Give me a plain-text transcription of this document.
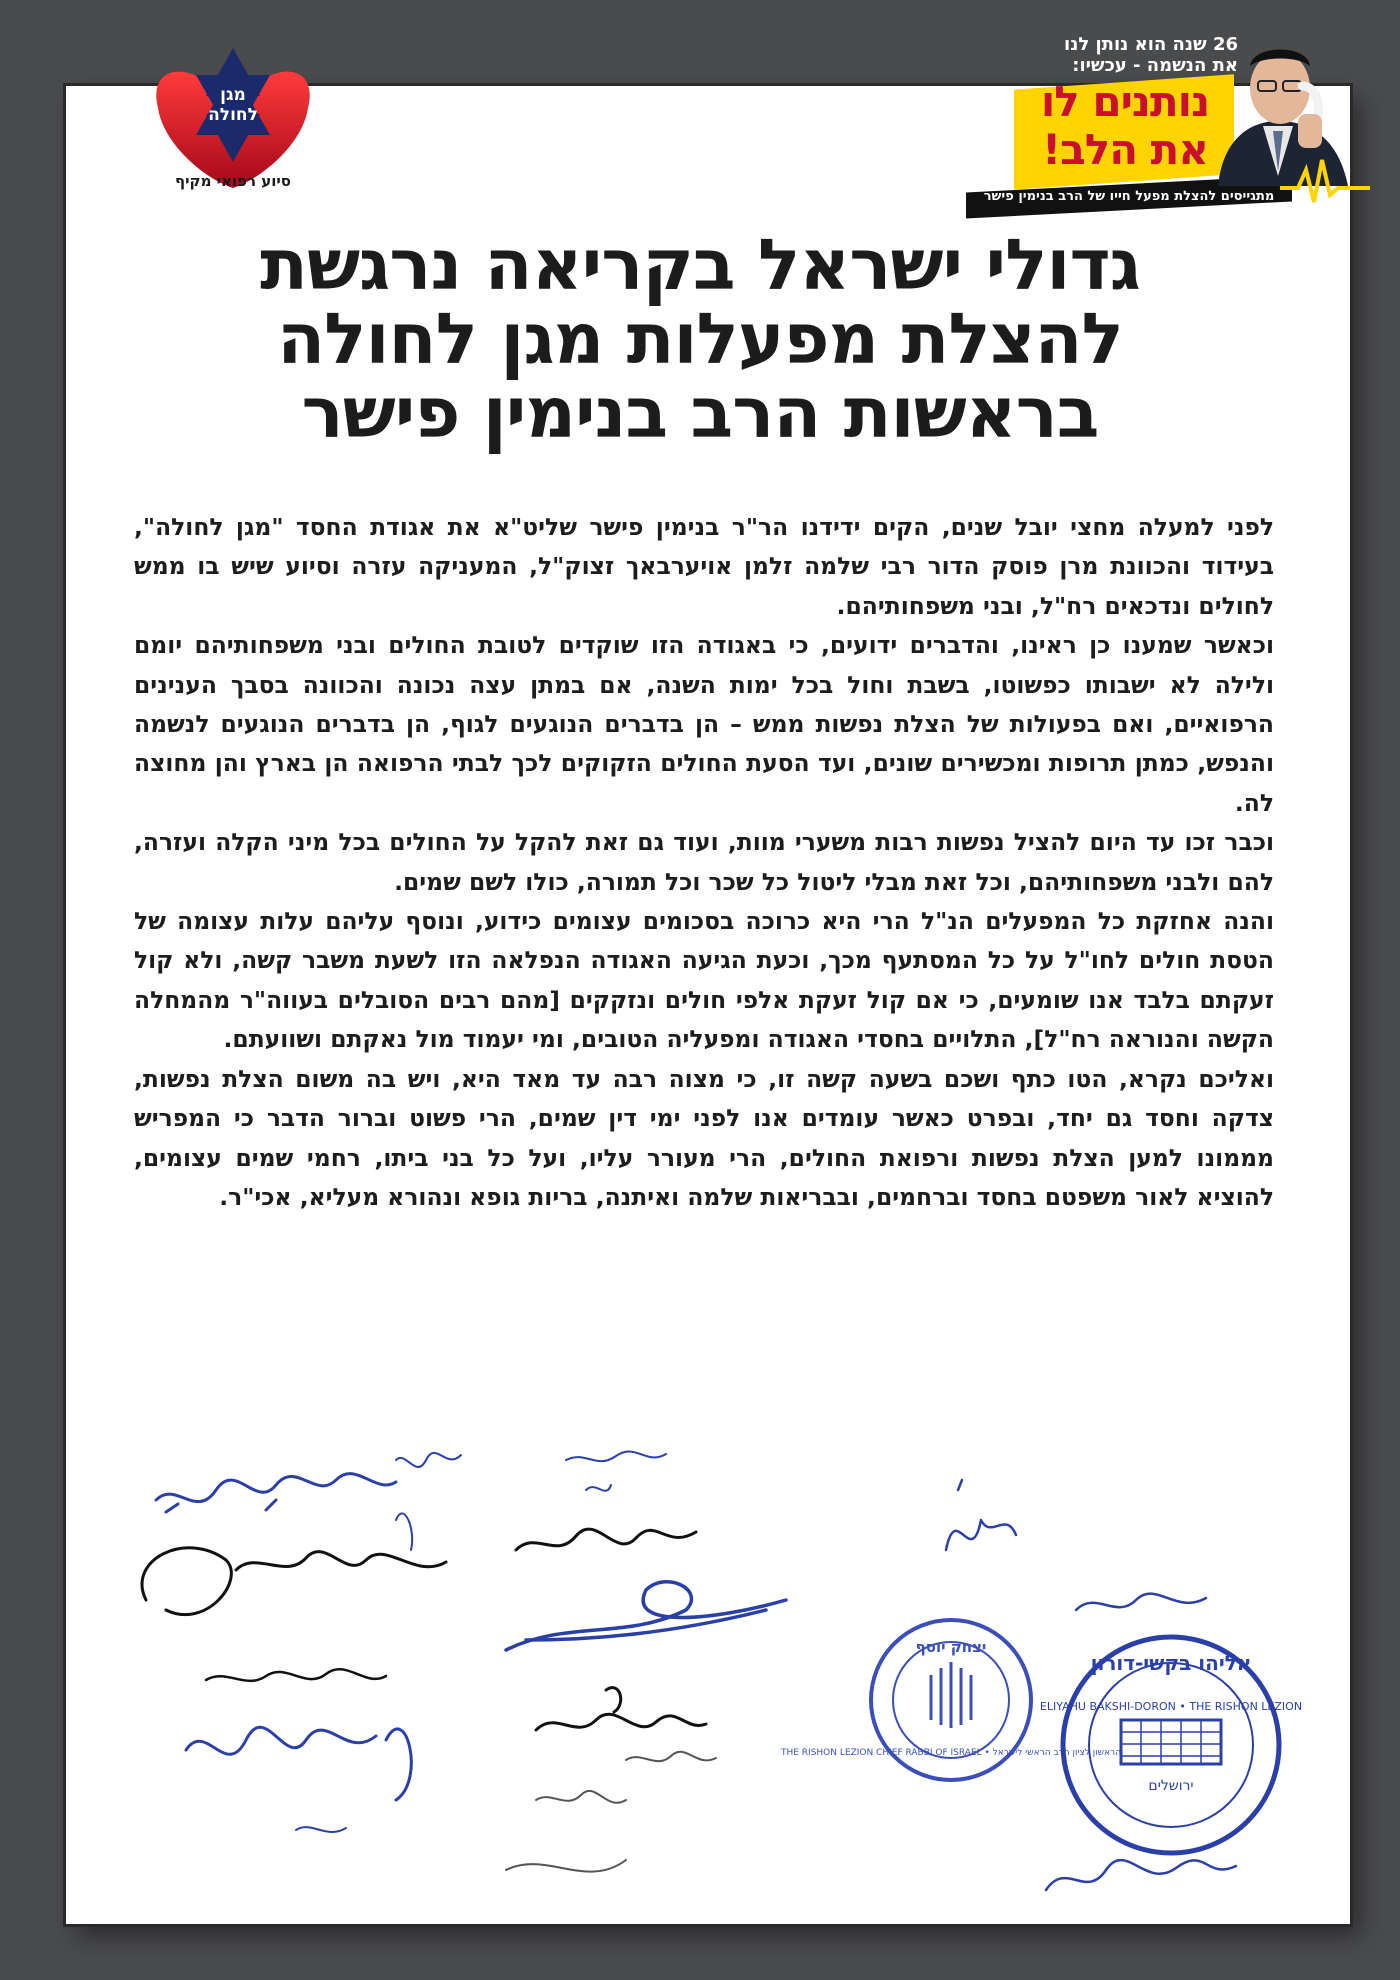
מגן
לחולה
סיוע רפואי מקיף
26 שנה הוא נותן לנו
את הנשמה - עכשיו:
נותנים לו
את הלב!
מתגייסים להצלת מפעל חייו של הרב בנימין פישר
גדולי ישראל בקריאה נרגשת
להצלת מפעלות מגן לחולה
בראשות הרב בנימין פישר

לפני למעלה מחצי יובל שנים, הקים ידידנו הר"ר בנימין פישר שליט"א את אגודת החסד "מגן לחולה", בעידוד והכוונת מרן פוסק הדור רבי שלמה זלמן אויערבאך זצוק"ל, המעניקה עזרה וסיוע שיש בו ממש לחולים ונדכאים רח"ל, ובני משפחותיהם.

וכאשר שמענו כן ראינו, והדברים ידועים, כי באגודה הזו שוקדים לטובת החולים ובני משפחותיהם יומם ולילה לא ישבותו כפשוטו, בשבת וחול בכל ימות השנה, אם במתן עצה נכונה והכוונה בסבך הענינים הרפואיים, ואם בפעולות של הצלת נפשות ממש – הן בדברים הנוגעים לגוף, הן בדברים הנוגעים לנשמה והנפש, כמתן תרופות ומכשירים שונים, ועד הסעת החולים הזקוקים לכך לבתי הרפואה הן בארץ והן מחוצה לה.

וכבר זכו עד היום להציל נפשות רבות משערי מוות, ועוד גם זאת להקל על החולים בכל מיני הקלה ועזרה, להם ולבני משפחותיהם, וכל זאת מבלי ליטול כל שכר וכל תמורה, כולו לשם שמים.

והנה אחזקת כל המפעלים הנ"ל הרי היא כרוכה בסכומים עצומים כידוע, ונוסף עליהם עלות עצומה של הטסת חולים לחו"ל על כל המסתעף מכך, וכעת הגיעה האגודה הנפלאה הזו לשעת משבר קשה, ולא קול זעקתם בלבד אנו שומעים, כי אם קול זעקת אלפי חולים ונזקקים [מהם רבים הסובלים בעווה"ר מהמחלה הקשה והנוראה רח"ל], התלויים בחסדי האגודה ומפעליה הטובים, ומי יעמוד מול נאקתם ושוועתם.

ואליכם נקרא, הטו כתף ושכם בשעה קשה זו, כי מצוה רבה עד מאד היא, ויש בה משום הצלת נפשות, צדקה וחסד גם יחד, ובפרט כאשר עומדים אנו לפני ימי דין שמים, הרי פשוט וברור הדבר כי המפריש מממונו למען הצלת נפשות ורפואת החולים, הרי מעורר עליו, ועל כל בני ביתו, רחמי שמים עצומים, להוציא לאור משפטם בחסד וברחמים, ובבריאות שלמה ואיתנה, בריות גופא ונהורא מעליא, אכי"ר.

יצחק יוסף
THE RISHON LEZION CHIEF RABBI OF ISRAEL • הראשון לציון הרב הראשי לישראל
אליהו בקשי-דורון
ELIYAHU BAKSHI-DORON • THE RISHON LEZION
ירושלים
